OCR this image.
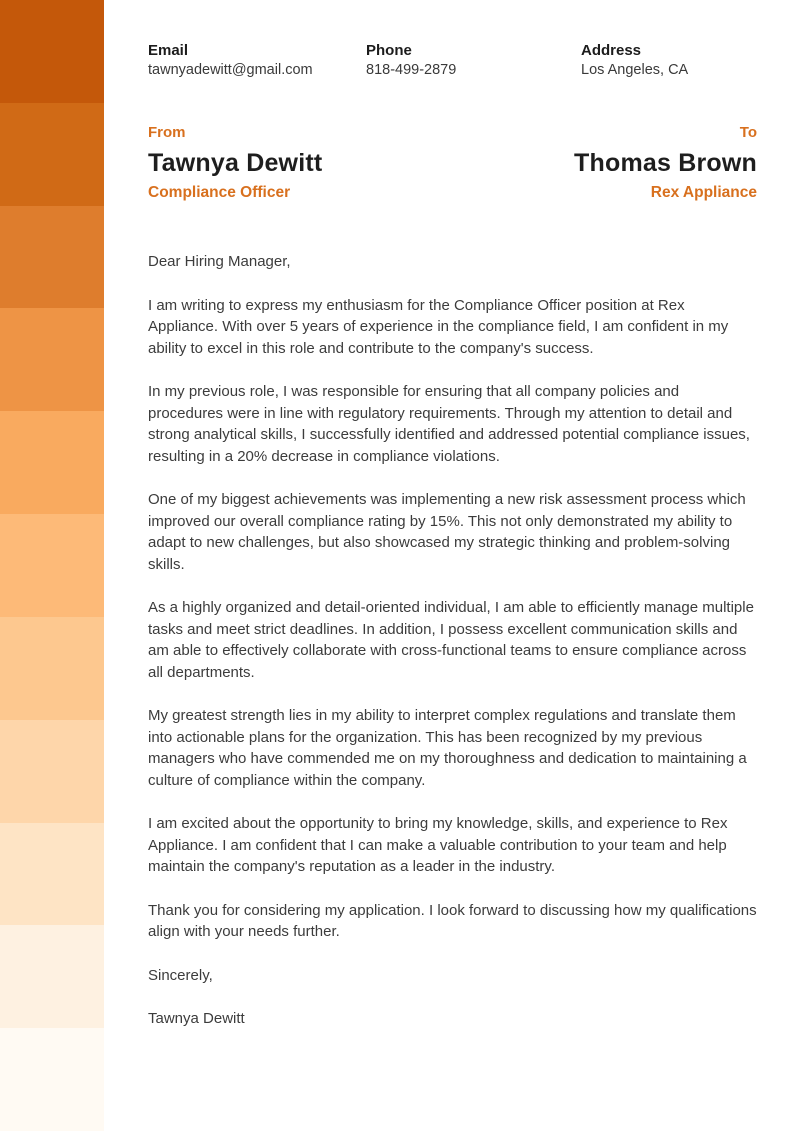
Email
tawnyadewitt@gmail.com
Phone
818-499-2879
Address
Los Angeles, CA
From
Tawnya Dewitt
Compliance Officer
To
Thomas Brown
Rex Appliance

Dear Hiring Manager,

I am writing to express my enthusiasm for the Compliance Officer position at Rex Appliance. With over 5 years of experience in the compliance field, I am confident in my ability to excel in this role and contribute to the company's success.

In my previous role, I was responsible for ensuring that all company policies and procedures were in line with regulatory requirements. Through my attention to detail and strong analytical skills, I successfully identified and addressed potential compliance issues, resulting in a 20% decrease in compliance violations.

One of my biggest achievements was implementing a new risk assessment process which improved our overall compliance rating by 15%. This not only demonstrated my ability to adapt to new challenges, but also showcased my strategic thinking and problem-solving skills.

As a highly organized and detail-oriented individual, I am able to efficiently manage multiple tasks and meet strict deadlines. In addition, I possess excellent communication skills and am able to effectively collaborate with cross-functional teams to ensure compliance across all departments.

My greatest strength lies in my ability to interpret complex regulations and translate them into actionable plans for the organization. This has been recognized by my previous managers who have commended me on my thoroughness and dedication to maintaining a culture of compliance within the company.

I am excited about the opportunity to bring my knowledge, skills, and experience to Rex Appliance. I am confident that I can make a valuable contribution to your team and help maintain the company's reputation as a leader in the industry.

Thank you for considering my application. I look forward to discussing how my qualifications align with your needs further.

Sincerely,

Tawnya Dewitt
